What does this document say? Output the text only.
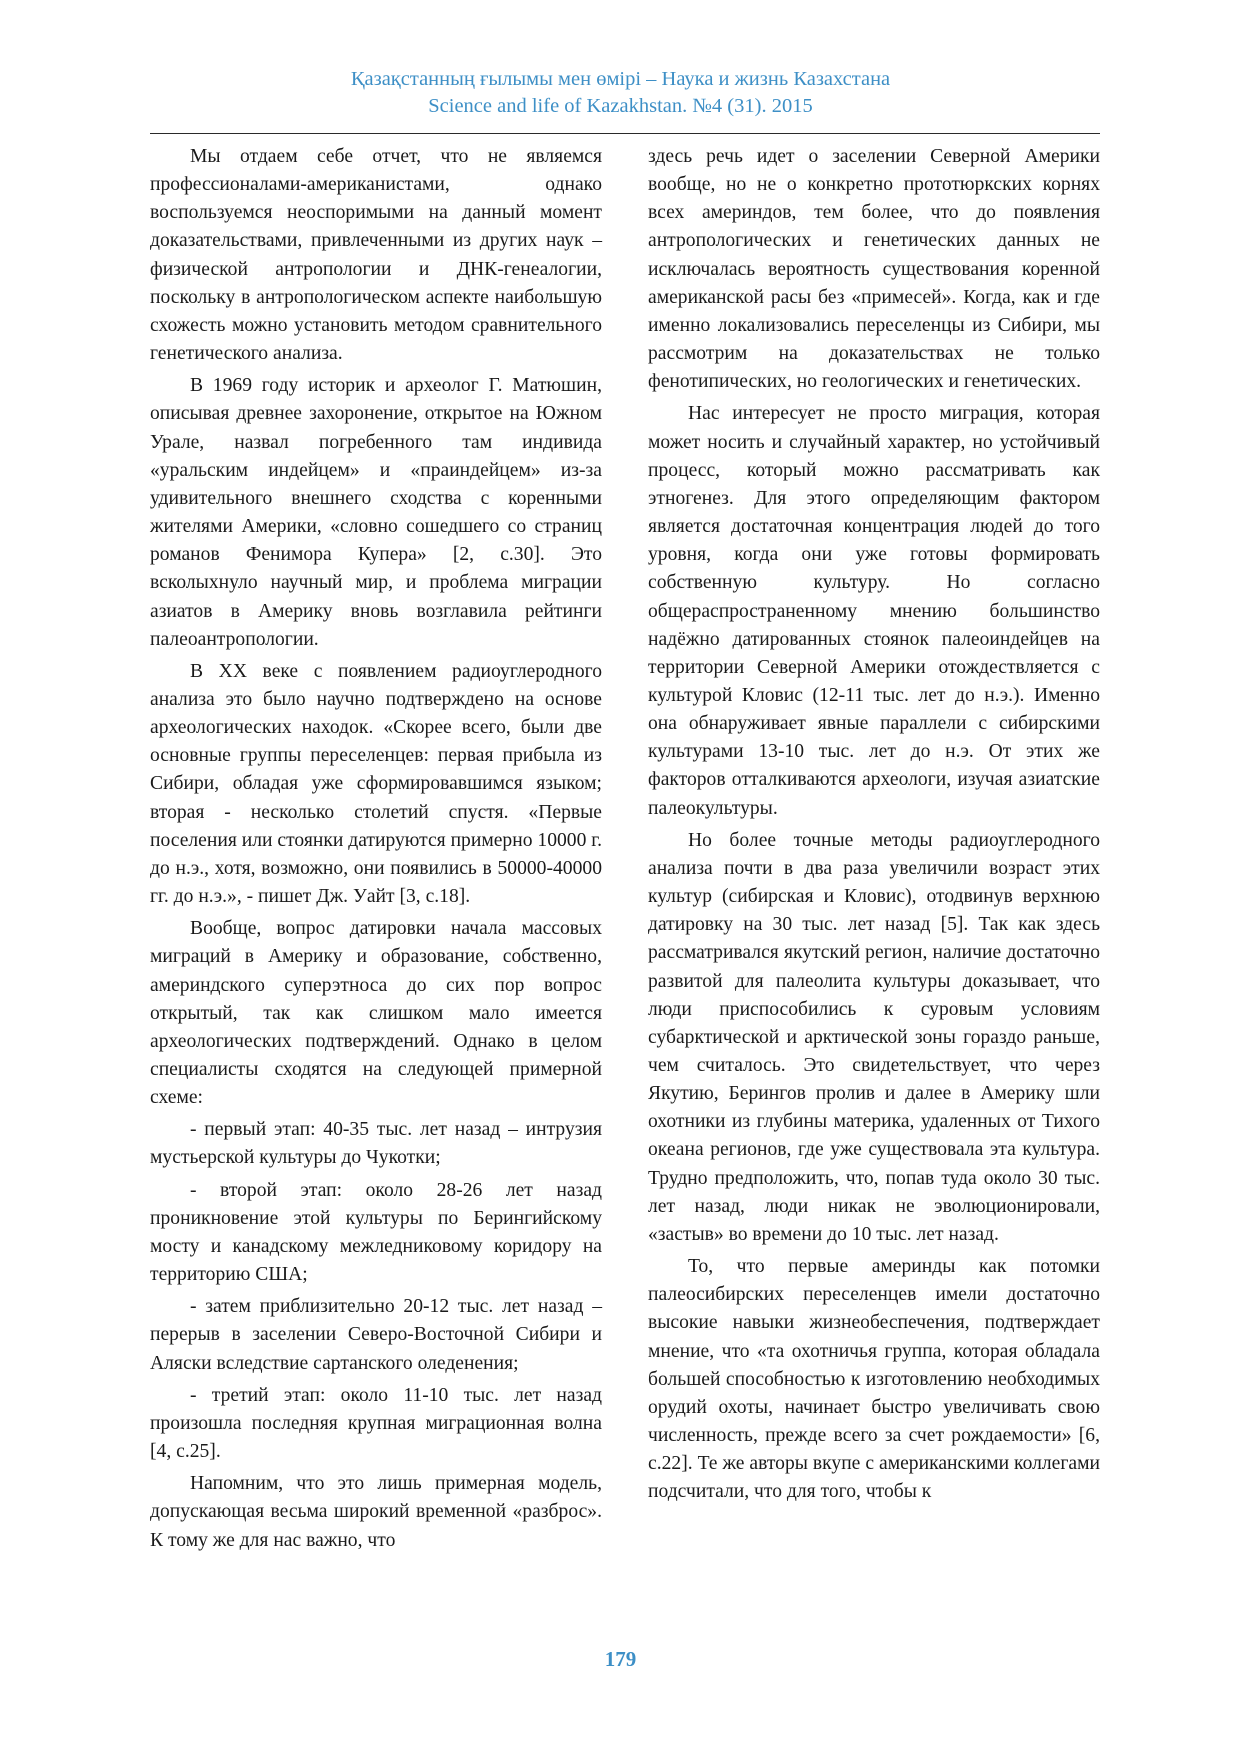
Қазақстанның ғылымы мен өмірі – Наука и жизнь Казахстана
Science and life of Kazakhstan. №4 (31). 2015

Мы отдаем себе отчет, что не являемся профессионалами-американистами, однако воспользуемся неоспоримыми на данный момент доказательствами, привлеченными из других наук – физической антропологии и ДНК-генеалогии, поскольку в антропологическом аспекте наибольшую схожесть можно установить методом сравнительного генетического анализа.

В 1969 году историк и археолог Г. Матюшин, описывая древнее захоронение, открытое на Южном Урале, назвал погребенного там индивида «уральским индейцем» и «праиндейцем» из-за удивительного внешнего сходства с коренными жителями Америки, «словно сошедшего со страниц романов Фенимора Купера» [2, с.30]. Это всколыхнуло научный мир, и проблема миграции азиатов в Америку вновь возглавила рейтинги палеоантропологии.

В XX веке с появлением радиоуглеродного анализа это было научно подтверждено на основе археологических находок. «Скорее всего, были две основные группы переселенцев: первая прибыла из Сибири, обладая уже сформировавшимся языком; вторая - несколько столетий спустя. «Первые поселения или стоянки датируются примерно 10000 г. до н.э., хотя, возможно, они появились в 50000-40000 гг. до н.э.», - пишет Дж. Уайт [3, с.18].

Вообще, вопрос датировки начала массовых миграций в Америку и образование, собственно, америндского суперэтноса до сих пор вопрос открытый, так как слишком мало имеется археологических подтверждений. Однако в целом специалисты сходятся на следующей примерной схеме:

- первый этап: 40-35 тыс. лет назад – интрузия мустьерской культуры до Чукотки;

- второй этап: около 28-26 лет назад проникновение этой культуры по Берингийскому мосту и канадскому межледниковому коридору на территорию США;

- затем приблизительно 20-12 тыс. лет назад – перерыв в заселении Северо-Восточной Сибири и Аляски вследствие сартанского оледенения;

- третий этап: около 11-10 тыс. лет назад произошла последняя крупная миграционная волна [4, с.25].

Напомним, что это лишь примерная модель, допускающая весьма широкий временной «разброс». К тому же для нас важно, что

здесь речь идет о заселении Северной Америки вообще, но не о конкретно прототюркских корнях всех америндов, тем более, что до появления антропологических и генетических данных не исключалась вероятность существования коренной американской расы без «примесей». Когда, как и где именно локализовались переселенцы из Сибири, мы рассмотрим на доказательствах не только фенотипических, но геологических и генетических.

Нас интересует не просто миграция, которая может носить и случайный характер, но устойчивый процесс, который можно рассматривать как этногенез. Для этого определяющим фактором является достаточная концентрация людей до того уровня, когда они уже готовы формировать собственную культуру. Но согласно общераспространенному мнению большинство надёжно датированных стоянок палеоиндейцев на территории Северной Америки отождествляется с культурой Кловис (12-11 тыс. лет до н.э.). Именно она обнаруживает явные параллели с сибирскими культурами 13-10 тыс. лет до н.э. От этих же факторов отталкиваются археологи, изучая азиатские палеокультуры.

Но более точные методы радиоуглеродного анализа почти в два раза увеличили возраст этих культур (сибирская и Кловис), отодвинув верхнюю датировку на 30 тыс. лет назад [5]. Так как здесь рассматривался якутский регион, наличие достаточно развитой для палеолита культуры доказывает, что люди приспособились к суровым условиям субарктической и арктической зоны гораздо раньше, чем считалось. Это свидетельствует, что через Якутию, Берингов пролив и далее в Америку шли охотники из глубины материка, удаленных от Тихого океана регионов, где уже существовала эта культура. Трудно предположить, что, попав туда около 30 тыс. лет назад, люди никак не эволюционировали, «застыв» во времени до 10 тыс. лет назад.

То, что первые америнды как потомки палеосибирских переселенцев имели достаточно высокие навыки жизнеобеспечения, подтверждает мнение, что «та охотничья группа, которая обладала большей способностью к изготовлению необходимых орудий охоты, начинает быстро увеличивать свою численность, прежде всего за счет рождаемости» [6, с.22]. Те же авторы вкупе с американскими коллегами подсчитали, что для того, чтобы к

179
